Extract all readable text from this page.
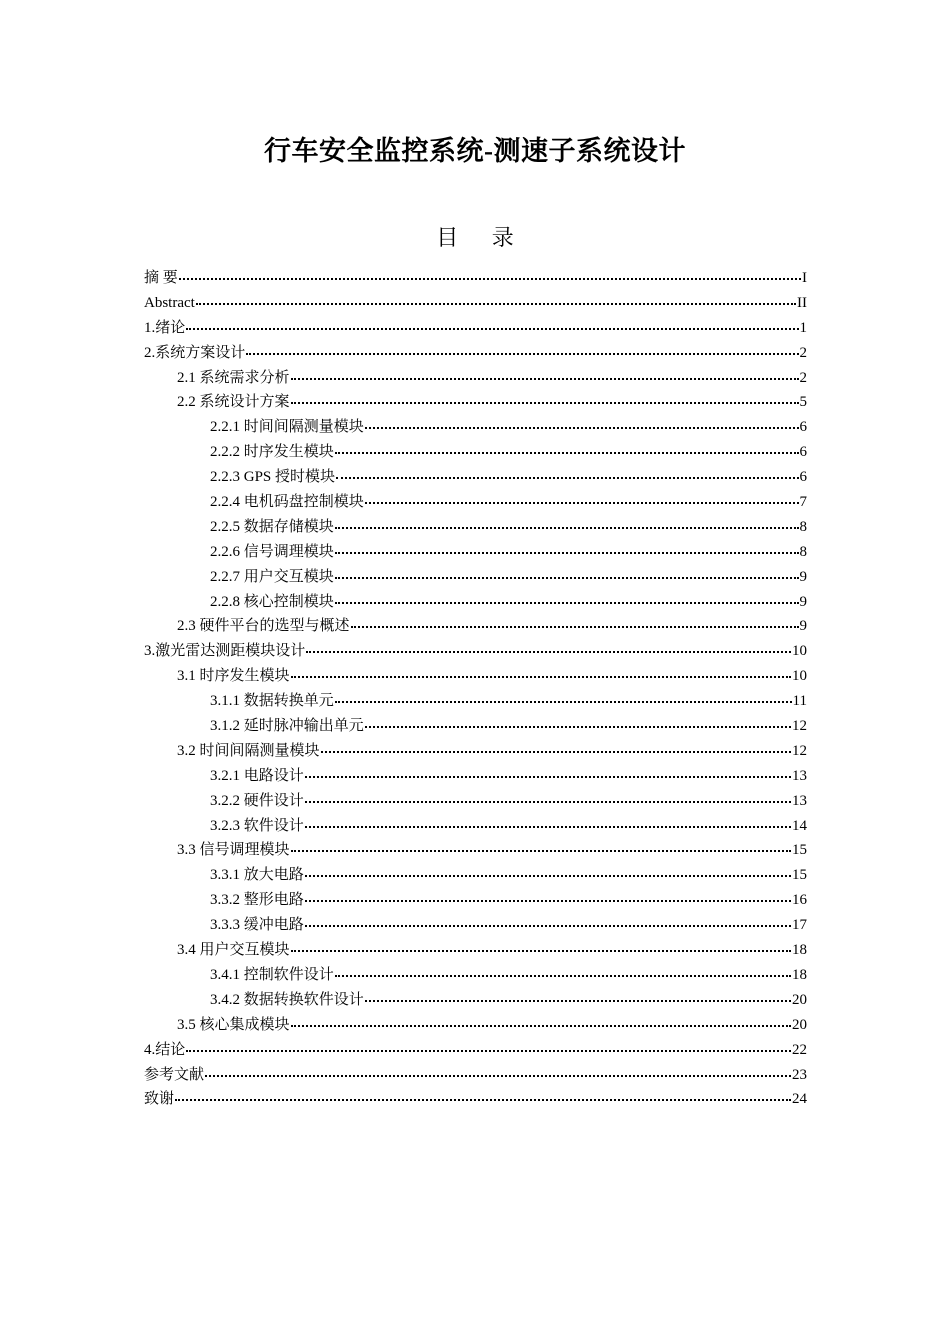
行车安全监控系统-测速子系统设计
目 录
摘 要	I
Abstract	II
1.绪论	1
2.系统方案设计	2
2.1 系统需求分析	2
2.2 系统设计方案	5
2.2.1 时间间隔测量模块	6
2.2.2 时序发生模块	6
2.2.3 GPS 授时模块	6
2.2.4 电机码盘控制模块	7
2.2.5 数据存储模块	8
2.2.6 信号调理模块	8
2.2.7 用户交互模块	9
2.2.8 核心控制模块	9
2.3 硬件平台的选型与概述	9
3.激光雷达测距模块设计	10
3.1 时序发生模块	10
3.1.1 数据转换单元	11
3.1.2 延时脉冲输出单元	12
3.2 时间间隔测量模块	12
3.2.1 电路设计	13
3.2.2 硬件设计	13
3.2.3 软件设计	14
3.3 信号调理模块	15
3.3.1 放大电路	15
3.3.2 整形电路	16
3.3.3 缓冲电路	17
3.4 用户交互模块	18
3.4.1 控制软件设计	18
3.4.2 数据转换软件设计	20
3.5 核心集成模块	20
4.结论	22
参考文献	23
致谢	24
